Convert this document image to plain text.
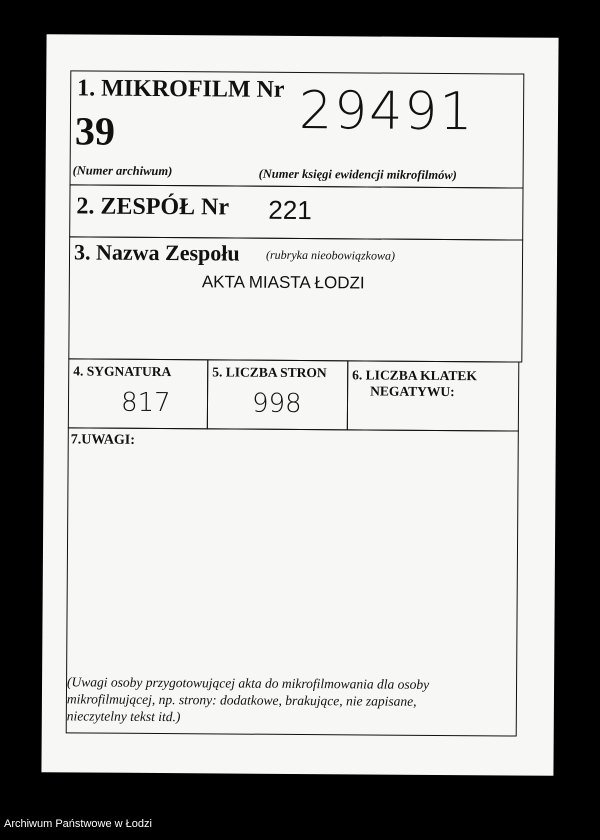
1. MIKROFILM Nr
39	29491
(Numer archiwum)	(Numer księgi ewidencji mikrofilmów)
2. ZESPÓŁ Nr 221
3. Nazwa Zespołu (rubryka nieobowiązkowa)
AKTA MIASTA ŁODZI
4. SYGNATURA
817
5. LICZBA STRON
998
6. LICZBA KLATEK
NEGATYWU:
7.UWAGI:
(Uwagi osoby przygotowującej akta do mikrofilmowania dla osoby
mikrofilmującej, np. strony: dodatkowe, brakujące, nie zapisane,
nieczytelny tekst itd.)
Archiwum Państwowe w Łodzi
